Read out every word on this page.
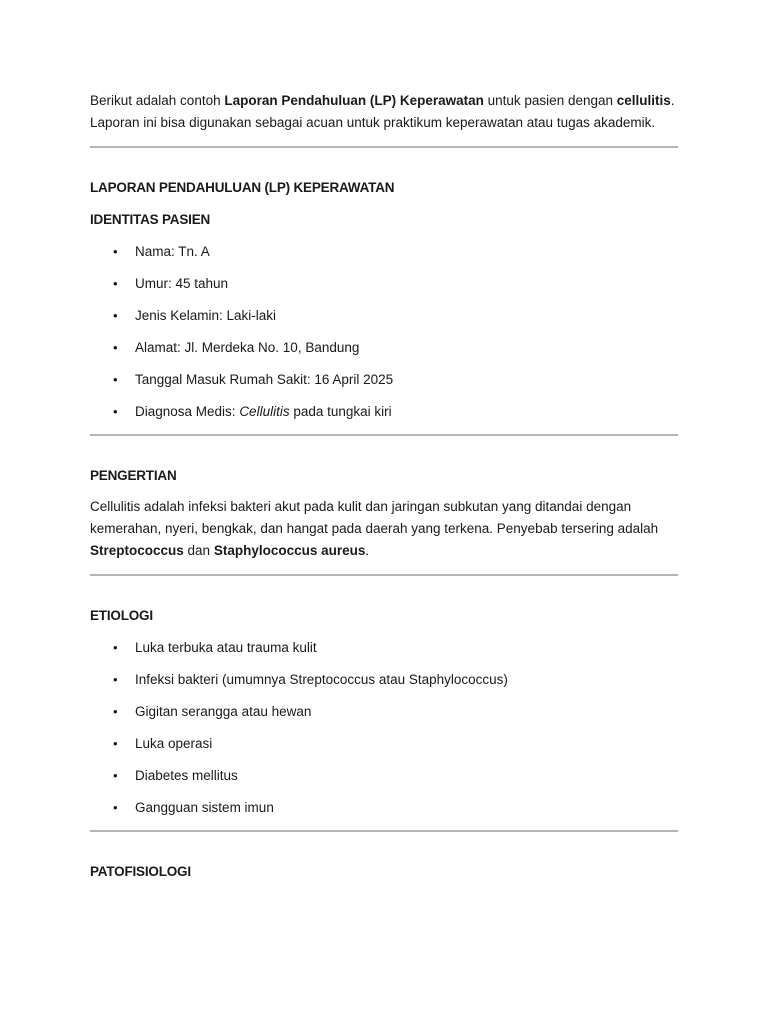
Berikut adalah contoh Laporan Pendahuluan (LP) Keperawatan untuk pasien dengan cellulitis. Laporan ini bisa digunakan sebagai acuan untuk praktikum keperawatan atau tugas akademik.

LAPORAN PENDAHULUAN (LP) KEPERAWATAN
IDENTITAS PASIEN
• Nama: Tn. A
• Umur: 45 tahun
• Jenis Kelamin: Laki-laki
• Alamat: Jl. Merdeka No. 10, Bandung
• Tanggal Masuk Rumah Sakit: 16 April 2025
• Diagnosa Medis: Cellulitis pada tungkai kiri
PENGERTIAN

Cellulitis adalah infeksi bakteri akut pada kulit dan jaringan subkutan yang ditandai dengan kemerahan, nyeri, bengkak, dan hangat pada daerah yang terkena. Penyebab tersering adalah Streptococcus dan Staphylococcus aureus.

ETIOLOGI
• Luka terbuka atau trauma kulit
• Infeksi bakteri (umumnya Streptococcus atau Staphylococcus)
• Gigitan serangga atau hewan
• Luka operasi
• Diabetes mellitus
• Gangguan sistem imun
PATOFISIOLOGI
